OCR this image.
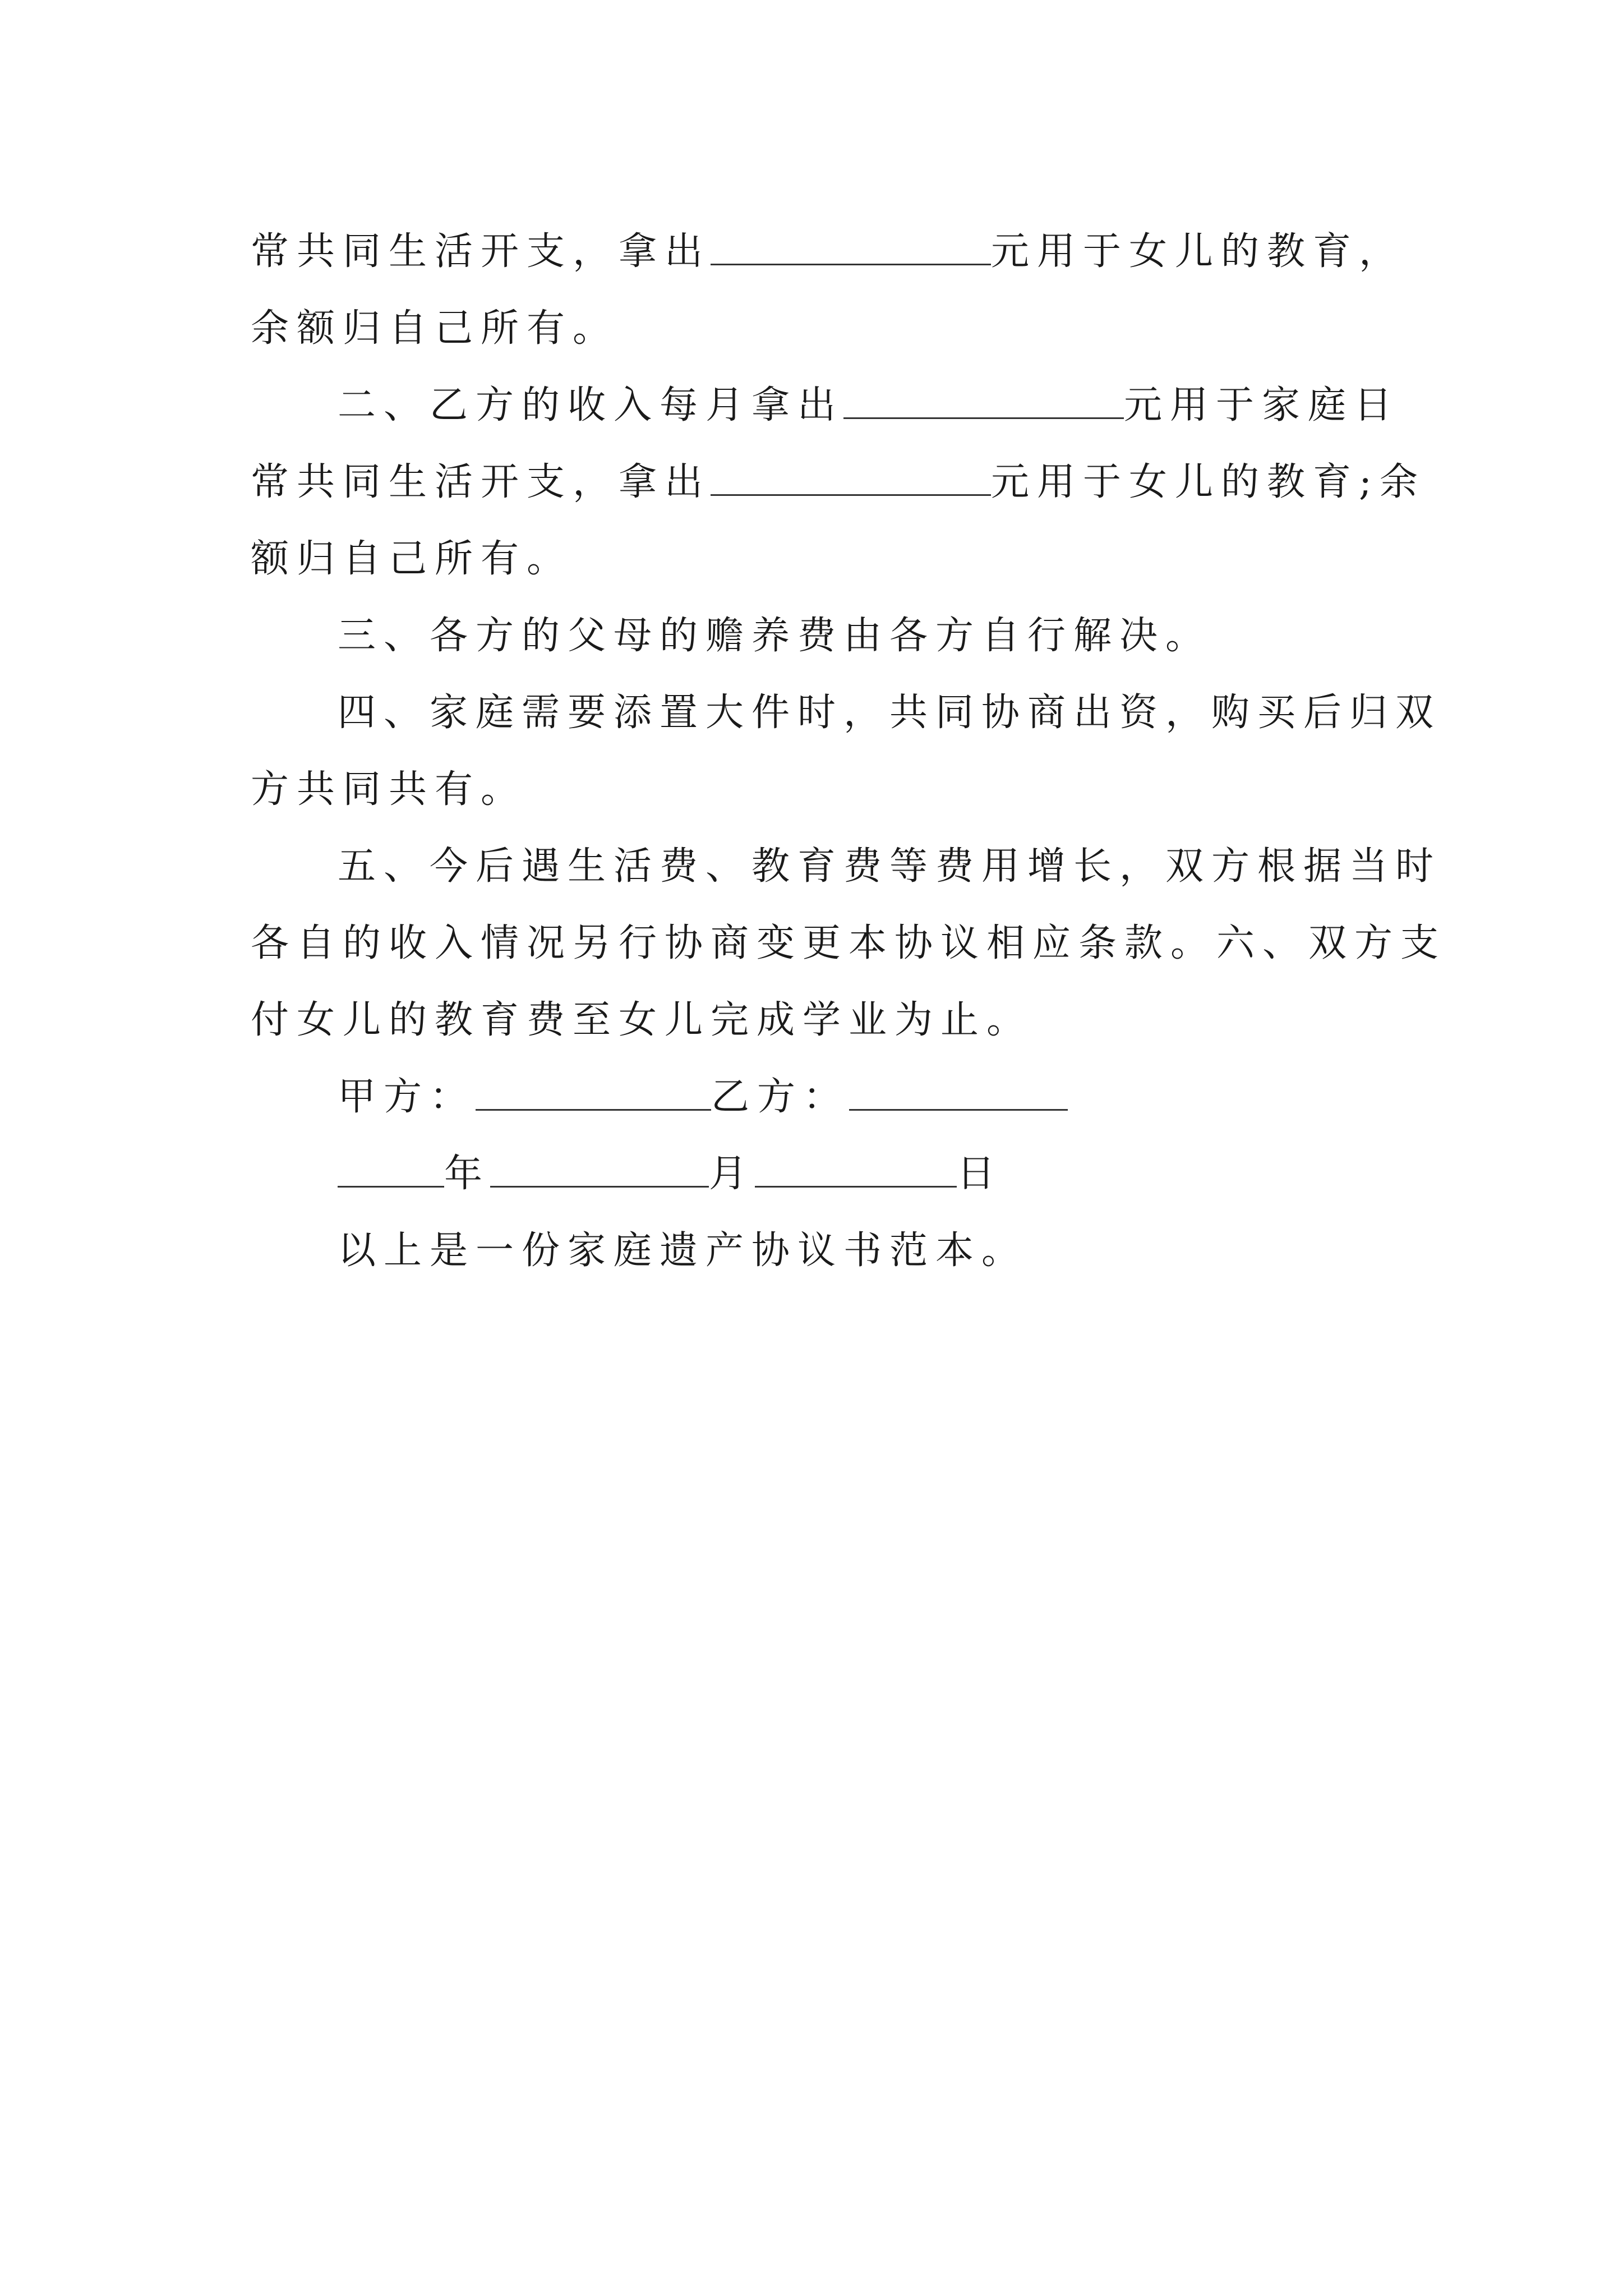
常共同生活开支，拿出	元用于女儿的教育，
余额归自己所有。
二、乙方的收入每月拿出	元用于家庭日
常共同生活开支，拿出	元用于女儿的教育;余
额归自己所有。
三、各方的父母的赡养费由各方自行解决。
四、家庭需要添置大件时，共同协商出资，购买后归双
方共同共有。
五、今后遇生活费、教育费等费用增长，双方根据当时
各自的收入情况另行协商变更本协议相应条款。六、双方支
付女儿的教育费至女儿完成学业为止。
甲方：	乙方：
年	月	日
以上是一份家庭遗产协议书范本。
